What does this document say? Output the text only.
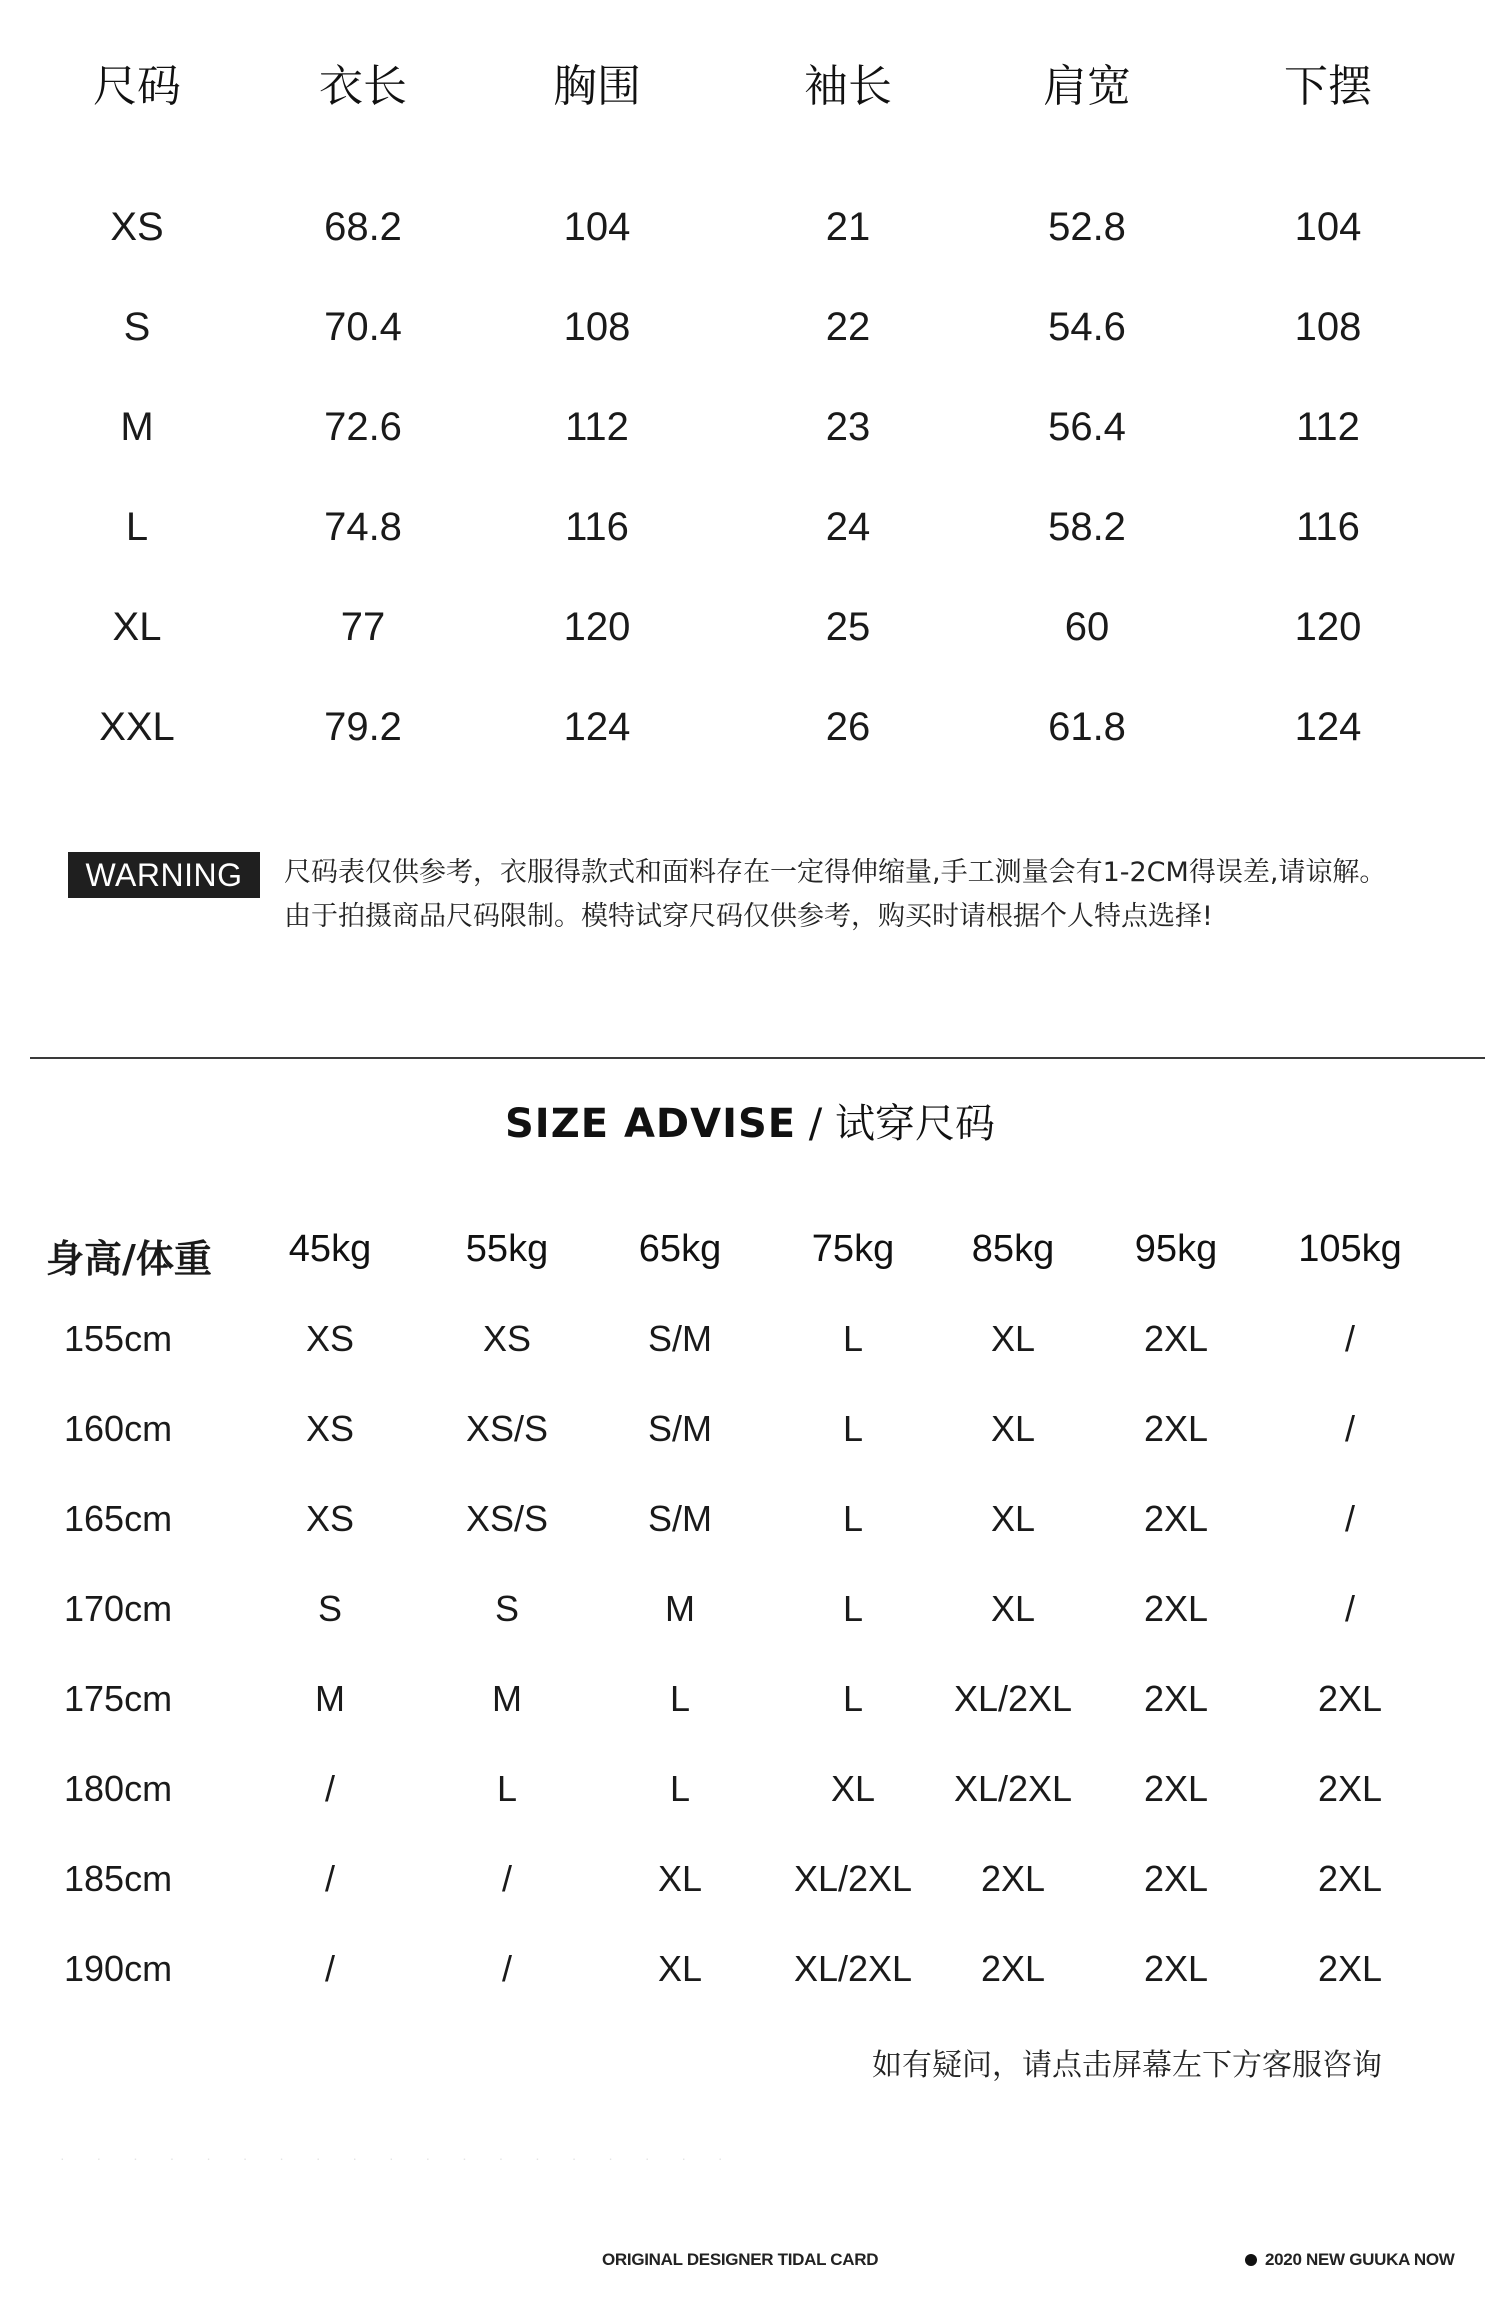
尺码	衣长	胸围	袖长	肩宽	下摆
XS	68.2	104	21	52.8	104
S	70.4	108	22	54.6	108
M	72.6	112	23	56.4	112
L	74.8	116	24	58.2	116
XL	77	120	25	60	120
XXL	79.2	124	26	61.8	124
WARNING	尺码表仅供参考，衣服得款式和面料存在一定得伸缩量,手工测量会有1-2CM得误差,请谅解。
由于拍摄商品尺码限制。模特试穿尺码仅供参考，购买时请根据个人特点选择!
SIZE ADVISE / 试穿尺码
身高/体重 45kg 55kg 65kg 75kg 85kg 95kg 105kg
155cm	XS	XS	S/M	L	XL	2XL	/
160cm	XS	XS/S	S/M	L	XL	2XL	/
165cm	XS	XS/S	S/M	L	XL	2XL	/
170cm	S	S	M	L	XL	2XL	/
175cm	M	M	L	L	XL/2XL 2XL	2XL
180cm	/	L	L	XL XL/2XL 2XL	2XL
185cm	/	/	XL	XL/2XL 2XL	2XL	2XL
190cm	/	/	XL	XL/2XL 2XL	2XL	2XL
如有疑问，请点击屏幕左下方客服咨询
· · · · · · · · · · · · · · · · · · ·
ORIGINAL DESIGNER TIDAL CARD	2020 NEW GUUKA NOW
